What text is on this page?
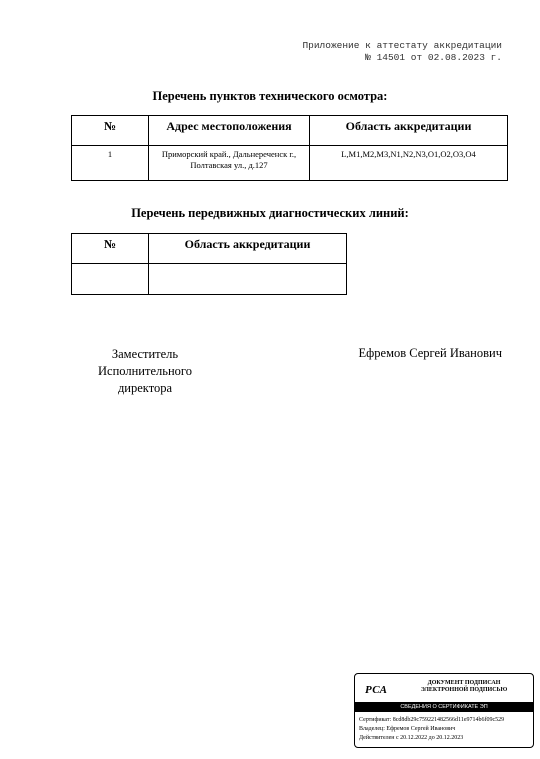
Приложение к аттестату аккредитации
№ 14501 от 02.08.2023 г.
Перечень пунктов технического осмотра:
№	Адрес местоположения	Область аккредитации
1	Приморский край., Дальнереченск г.,
Полтавская ул., д.127	L,M1,M2,M3,N1,N2,N3,O1,O2,O3,O4
Перечень передвижных диагностических линий:
№	Область аккредитации

Заместитель
Исполнительного
директора
Ефремов Сергей Иванович
РСА
ДОКУМЕНТ ПОДПИСАН
ЭЛЕКТРОННОЙ ПОДПИСЬЮ
СВЕДЕНИЯ О СЕРТИФИКАТЕ ЭП
Сертификат: 8cd8db29c759221482566d11e9714b6f09c529
Владелец: Ефремов Сергей Иванович
Действителен с 20.12.2022 до 20.12.2023
